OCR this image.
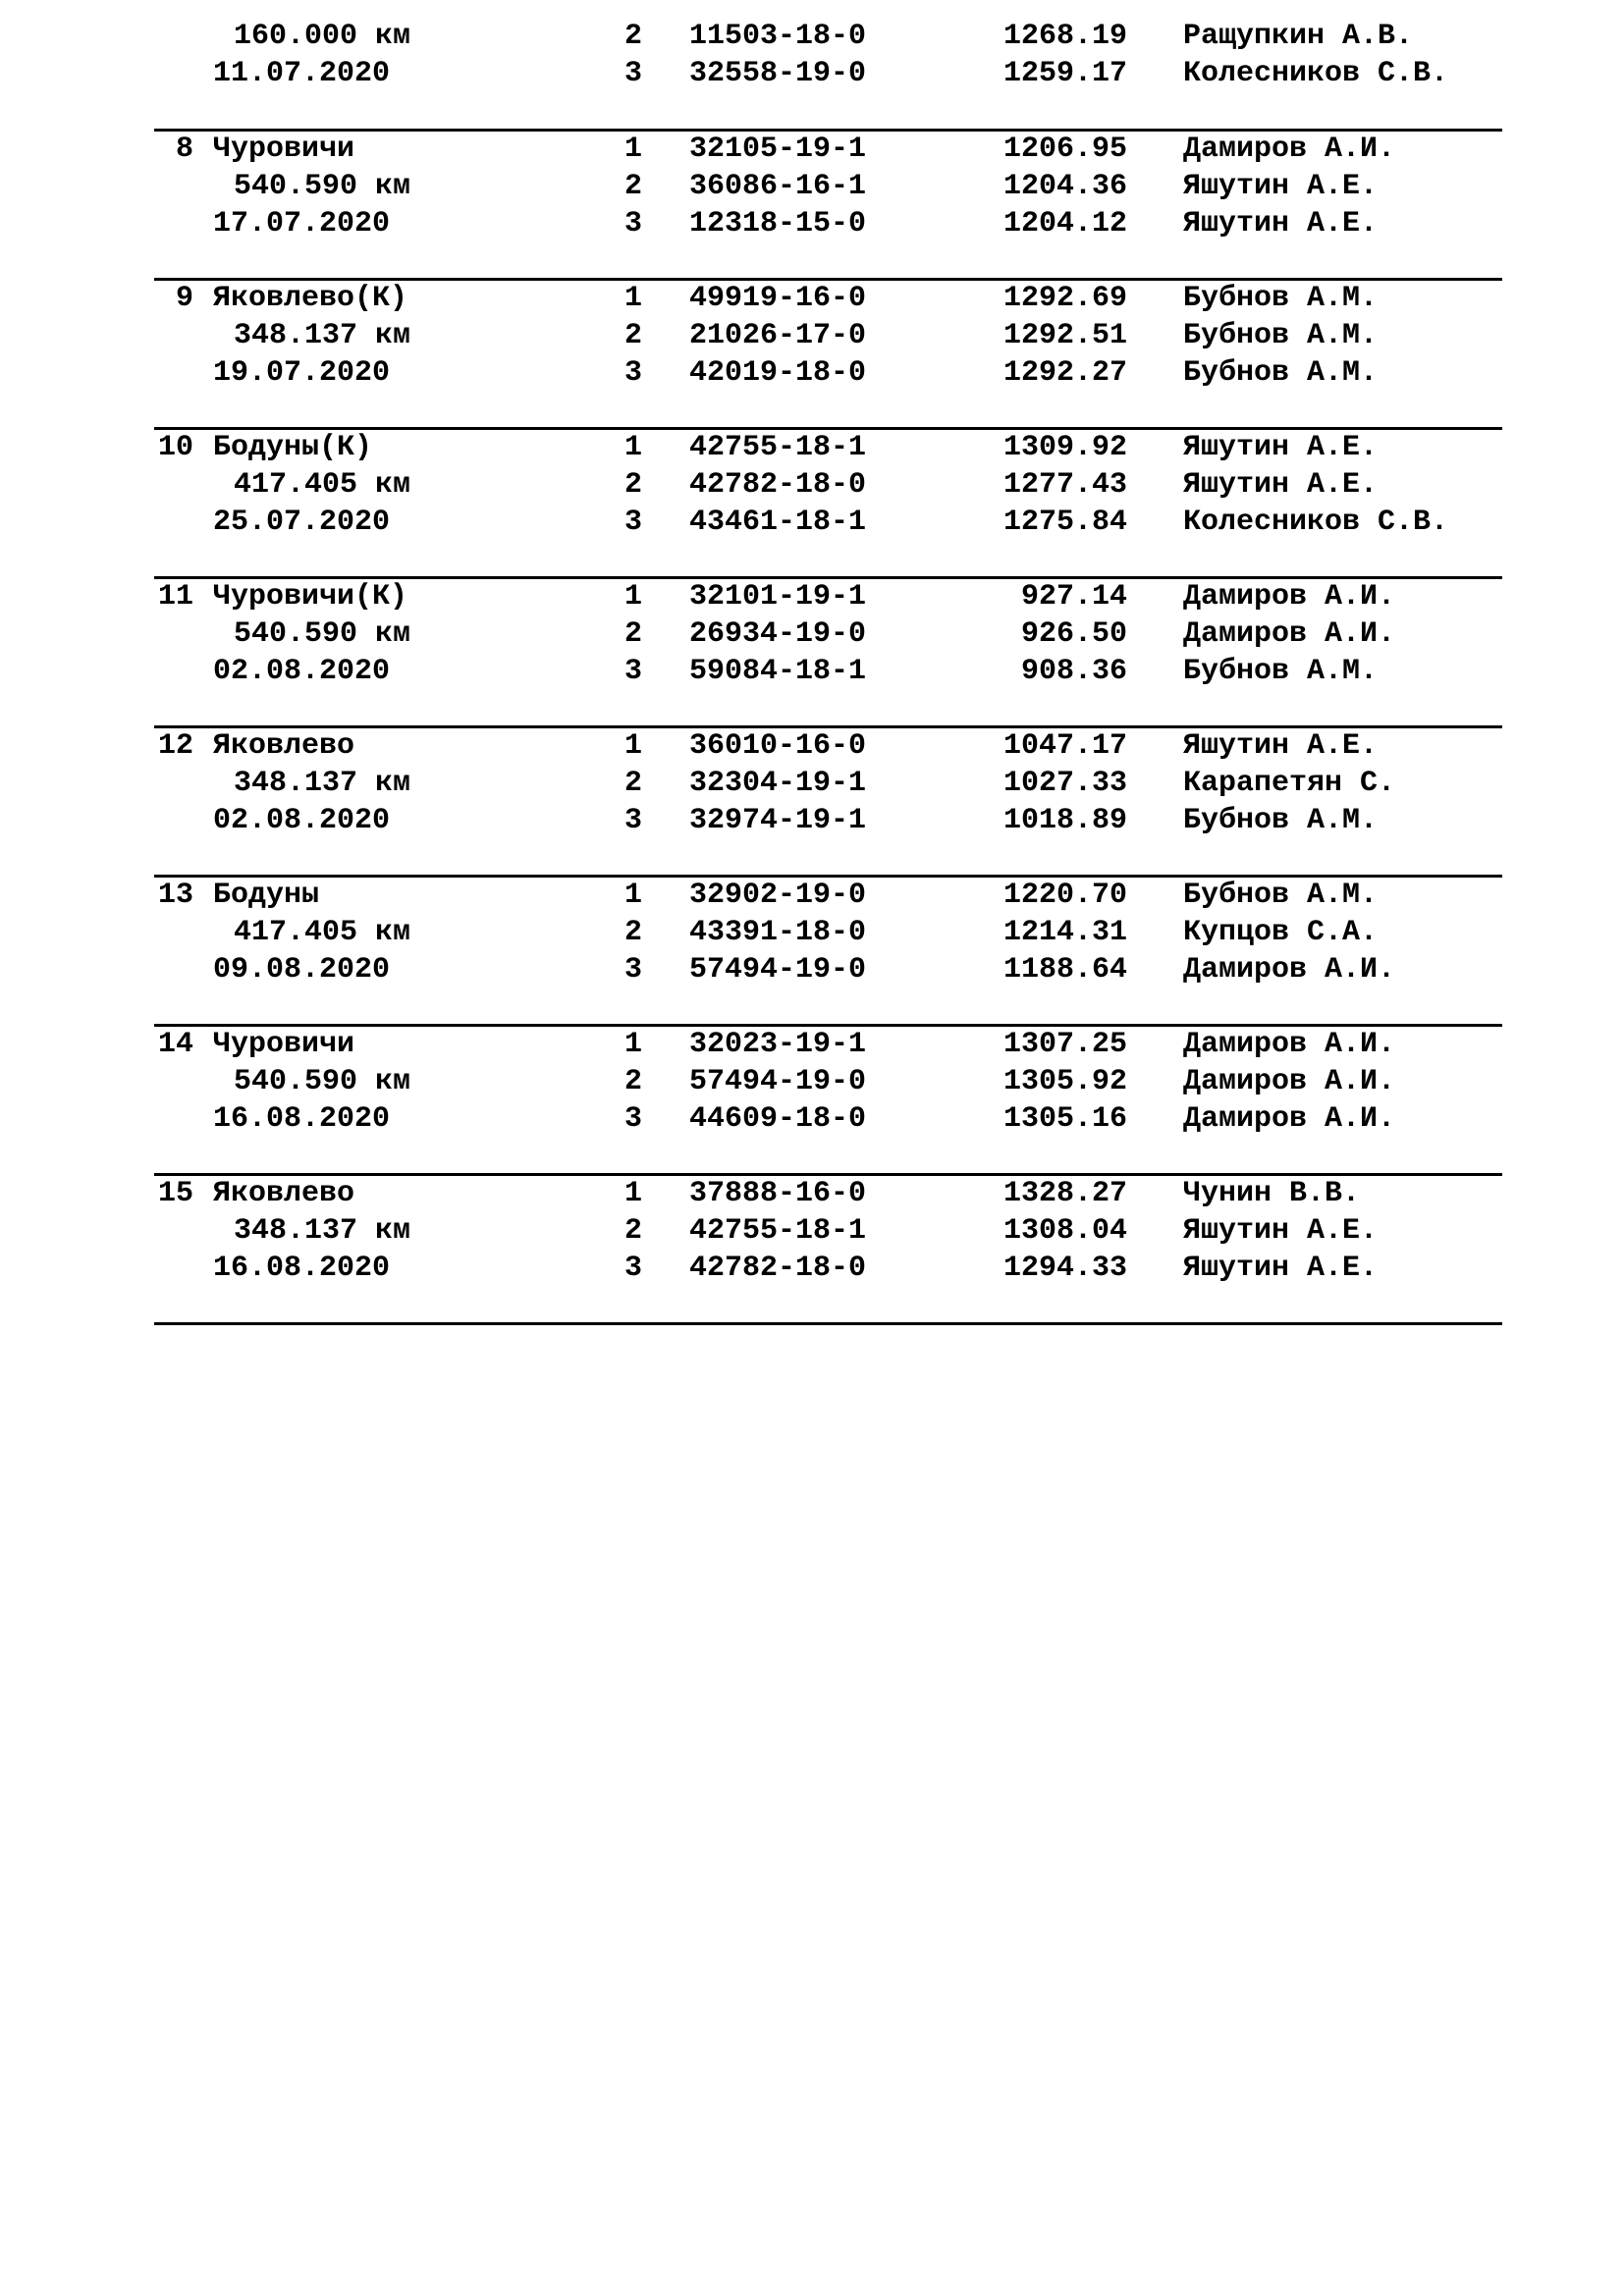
160.000 км	2 11503-18-0	1268.19 Ращупкин А.В.
11.07.2020	3 32558-19-0	1259.17 Колесников С.В.
8 Чуровичи	1 32105-19-1	1206.95 Дамиров А.И.
540.590 км	2 36086-16-1	1204.36 Яшутин А.Е.
17.07.2020	3 12318-15-0	1204.12 Яшутин А.Е.
9 Яковлево(К)	1 49919-16-0	1292.69 Бубнов А.М.
348.137 км	2 21026-17-0	1292.51 Бубнов А.М.
19.07.2020	3 42019-18-0	1292.27 Бубнов А.М.
10 Бодуны(К)	1 42755-18-1	1309.92 Яшутин А.Е.
417.405 км	2 42782-18-0	1277.43 Яшутин А.Е.
25.07.2020	3 43461-18-1	1275.84 Колесников С.В.
11 Чуровичи(К)	1 32101-19-1	927.14 Дамиров А.И.
540.590 км	2 26934-19-0	926.50 Дамиров А.И.
02.08.2020	3 59084-18-1	908.36 Бубнов А.М.
12 Яковлево	1 36010-16-0	1047.17 Яшутин А.Е.
348.137 км	2 32304-19-1	1027.33 Карапетян С.
02.08.2020	3 32974-19-1	1018.89 Бубнов А.М.
13 Бодуны	1 32902-19-0	1220.70 Бубнов А.М.
417.405 км	2 43391-18-0	1214.31 Купцов С.А.
09.08.2020	3 57494-19-0	1188.64 Дамиров А.И.
14 Чуровичи	1 32023-19-1	1307.25 Дамиров А.И.
540.590 км	2 57494-19-0	1305.92 Дамиров А.И.
16.08.2020	3 44609-18-0	1305.16 Дамиров А.И.
15 Яковлево	1 37888-16-0	1328.27 Чунин В.В.
348.137 км	2 42755-18-1	1308.04 Яшутин А.Е.
16.08.2020	3 42782-18-0	1294.33 Яшутин А.Е.
